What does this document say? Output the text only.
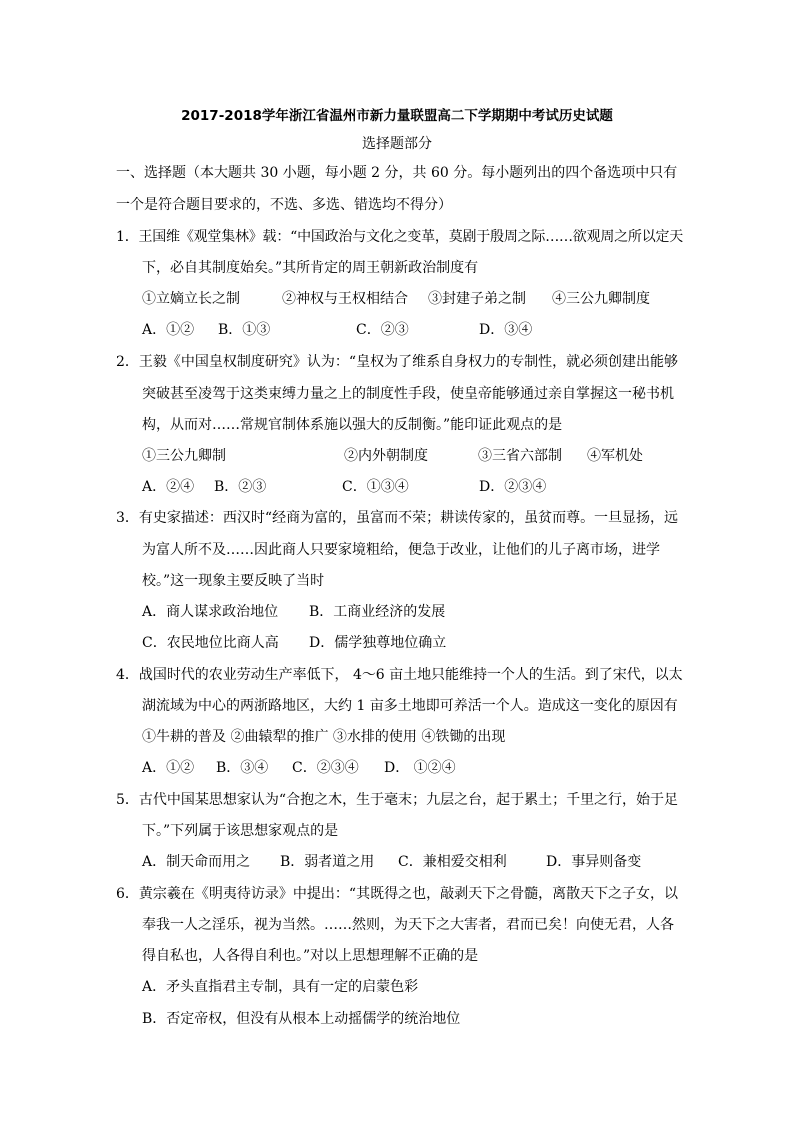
2017-2018学年浙江省温州市新力量联盟高二下学期期中考试历史试题
选择题部分
一、选择题（本大题共 30 小题，每小题 2 分，共 60 分。每小题列出的四个备选项中只有
一个是符合题目要求的，不选、多选、错选均不得分）
1．王国维《观堂集林》载：“中国政治与文化之变革，莫剧于殷周之际……欲观周之所以定天
下，必自其制度始矣。”其所肯定的周王朝新政治制度有
①立嫡立长之制	②神权与王权相结合 ③封建子弟之制 ④三公九卿制度
A．①② B．①③	C．②③	D．③④
2．王毅《中国皇权制度研究》认为：“皇权为了维系自身权力的专制性，就必须创建出能够
突破甚至凌驾于这类束缚力量之上的制度性手段，使皇帝能够通过亲自掌握这一秘书机
构，从而对……常规官制体系施以强大的反制衡。”能印证此观点的是
①三公九卿制	②内外朝制度	③三省六部制 ④军机处
A．②④ B．②③	C．①③④	D．②③④
3．有史家描述：西汉时“经商为富的，虽富而不荣；耕读传家的，虽贫而尊。一旦显扬，远
为富人所不及……因此商人只要家境粗给，便急于改业，让他们的儿子离市场，进学
校。”这一现象主要反映了当时
A．商人谋求政治地位 B．工商业经济的发展
C．农民地位比商人高 D．儒学独尊地位确立
4．战国时代的农业劳动生产率低下， 4～6 亩土地只能维持一个人的生活。到了宋代，以太
湖流域为中心的两浙路地区，大约 1 亩多土地即可养活一个人。造成这一变化的原因有
①牛耕的普及 ②曲辕犁的推广 ③水排的使用 ④铁锄的出现
A．①② B．③④ C．②③④ D． ①②④
5．古代中国某思想家认为“合抱之木，生于毫末；九层之台，起于累土；千里之行，始于足
下。”下列属于该思想家观点的是
A．制天命而用之 B．弱者道之用 C．兼相爱交相利	D．事异则备变
6．黄宗羲在《明夷待访录》中提出：“其既得之也，敲剥天下之骨髓，离散天下之子女，以
奉我一人之淫乐，视为当然。……然则，为天下之大害者，君而已矣！向使无君，人各
得自私也，人各得自利也。”对以上思想理解不正确的是
A．矛头直指君主专制，具有一定的启蒙色彩
B．否定帝权，但没有从根本上动摇儒学的统治地位
